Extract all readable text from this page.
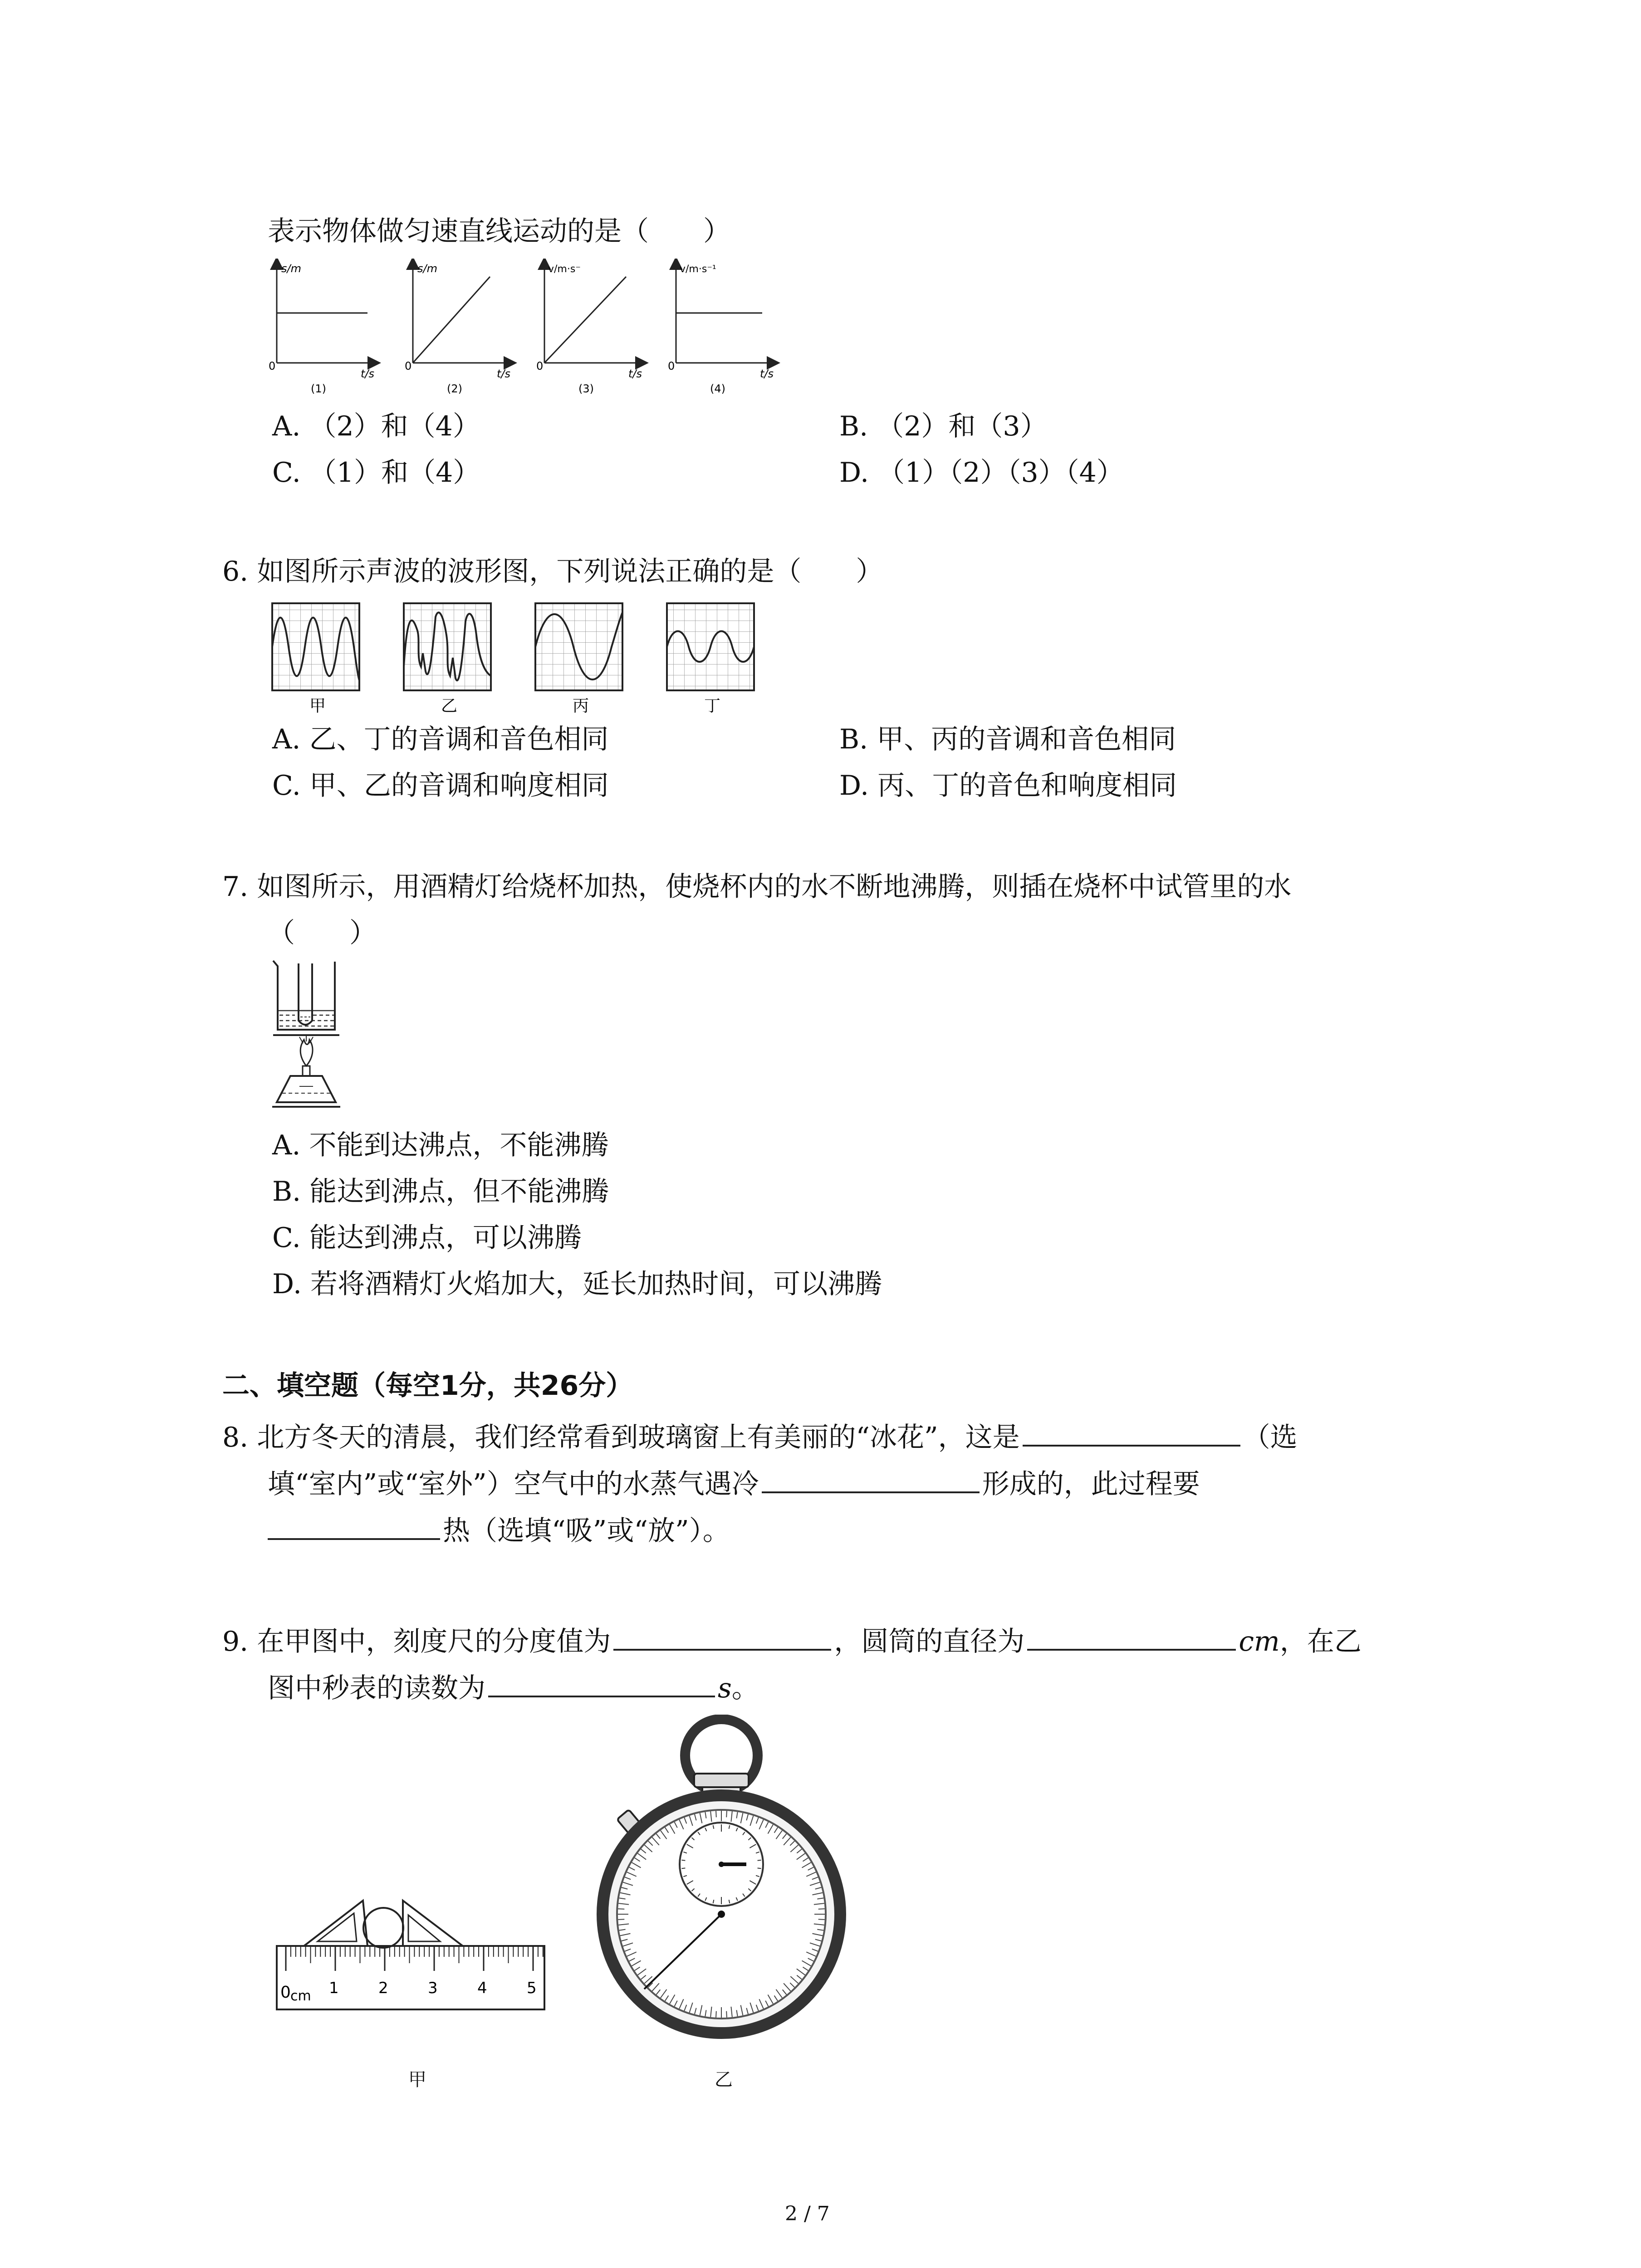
表示物体做匀速直线运动的是（　　）
s/m
0
t/s
(1)
s/m
0
t/s
(2)
v/m·s⁻
0
t/s
(3)
v/m·s⁻¹
0
t/s
(4)
A. （2）和（4）	B. （2）和（3）
C. （1）和（4）	D. （1）（2）（3）（4）
6. 如图所示声波的波形图，下列说法正确的是（　　）
甲	乙	丙	丁
A. 乙、丁的音调和音色相同	B. 甲、丙的音调和音色相同
C. 甲、乙的音调和响度相同	D. 丙、丁的音色和响度相同
7. 如图所示，用酒精灯给烧杯加热，使烧杯内的水不断地沸腾，则插在烧杯中试管里的水
（　　）
A. 不能到达沸点，不能沸腾
B. 能达到沸点，但不能沸腾
C. 能达到沸点，可以沸腾
D. 若将酒精灯火焰加大，延长加热时间，可以沸腾
二、填空题（每空1分，共26分）
8. 北方冬天的清晨，我们经常看到玻璃窗上有美丽的“冰花”，这是	（选
填“室内”或“室外”）空气中的水蒸气遇冷	形成的，此过程要
热（选填“吸”或“放”）。
9. 在甲图中，刻度尺的分度值为	，圆筒的直径为	cm，在乙
图中秒表的读数为	s。
0 cm 1	2	3	4	5
甲	乙
2 / 7
